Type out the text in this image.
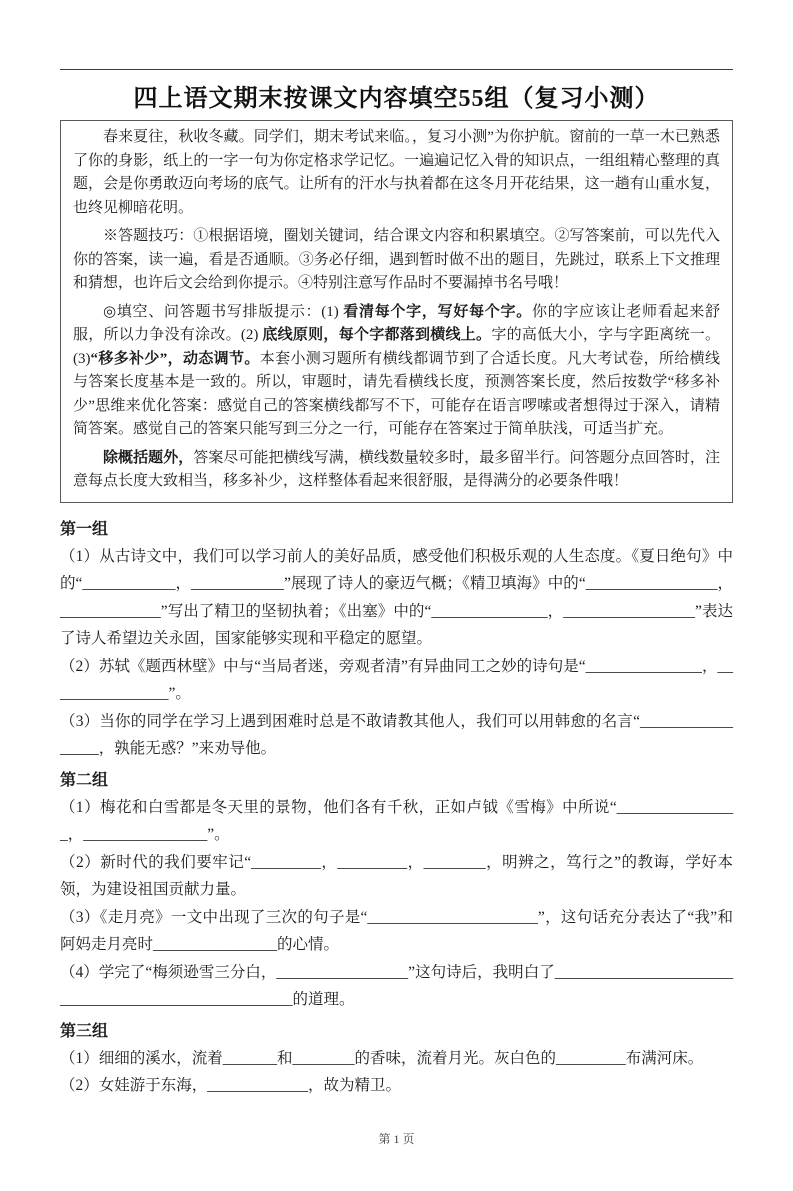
四上语文期末按课文内容填空55组（复习小测）

春来夏往，秋收冬藏。同学们，期末考试来临。，复习小测”为你护航。窗前的一草一木已熟悉了你的身影，纸上的一字一句为你定格求学记忆。一遍遍记忆入骨的知识点，一组组精心整理的真题，会是你勇敢迈向考场的底气。让所有的汗水与执着都在这冬月开花结果，这一趟有山重水复，也终见柳暗花明。

※答题技巧：①根据语境，圈划关键词，结合课文内容和积累填空。②写答案前，可以先代入你的答案，读一遍，看是否通顺。③务必仔细，遇到暂时做不出的题目，先跳过，联系上下文推理和猜想，也许后文会给到你提示。④特别注意写作品时不要漏掉书名号哦！

◎填空、问答题书写排版提示：(1) 看清每个字，写好每个字。你的字应该让老师看起来舒服，所以力争没有涂改。(2) 底线原则，每个字都落到横线上。字的高低大小，字与字距离统一。(3)“移多补少”，动态调节。本套小测习题所有横线都调节到了合适长度。凡大考试卷，所给横线与答案长度基本是一致的。所以，审题时，请先看横线长度，预测答案长度，然后按数学“移多补少”思维来优化答案：感觉自己的答案横线都写不下，可能存在语言啰嗦或者想得过于深入，请精简答案。感觉自己的答案只能写到三分之一行，可能存在答案过于简单肤浅，可适当扩充。

除概括题外，答案尽可能把横线写满，横线数量较多时，最多留半行。问答题分点回答时，注意每点长度大致相当，移多补少，这样整体看起来很舒服，是得满分的必要条件哦！

第一组

（1）从古诗文中，我们可以学习前人的美好品质，感受他们积极乐观的人生态度。《夏日绝句》中的“____________，____________”展现了诗人的豪迈气概；《精卫填海》中的“_________________，_____________”写出了精卫的坚韧执着；《出塞》中的“_______________，_________________”表达了诗人希望边关永固，国家能够实现和平稳定的愿望。

（2）苏轼《题西林壁》中与“当局者迷，旁观者清”有异曲同工之妙的诗句是“_______________，________________”。

（3）当你的同学在学习上遇到困难时总是不敢请教其他人，我们可以用韩愈的名言“_________________，孰能无惑？”来劝导他。

第二组

（1）梅花和白雪都是冬天里的景物，他们各有千秋，正如卢钺《雪梅》中所说“________________，________________”。

（2）新时代的我们要牢记“_________，_________，________，明辨之，笃行之”的教诲，学好本领，为建设祖国贡献力量。

（3）《走月亮》一文中出现了三次的句子是“______________________”，这句话充分表达了“我”和阿妈走月亮时________________的心情。

（4）学完了“梅须逊雪三分白，_________________”这句诗后，我明白了_____________________________________________________的道理。

第三组

（1）细细的溪水，流着_______和________的香味，流着月光。灰白色的_________布满河床。

（2）女娃游于东海，_____________，故为精卫。

第 1 页
